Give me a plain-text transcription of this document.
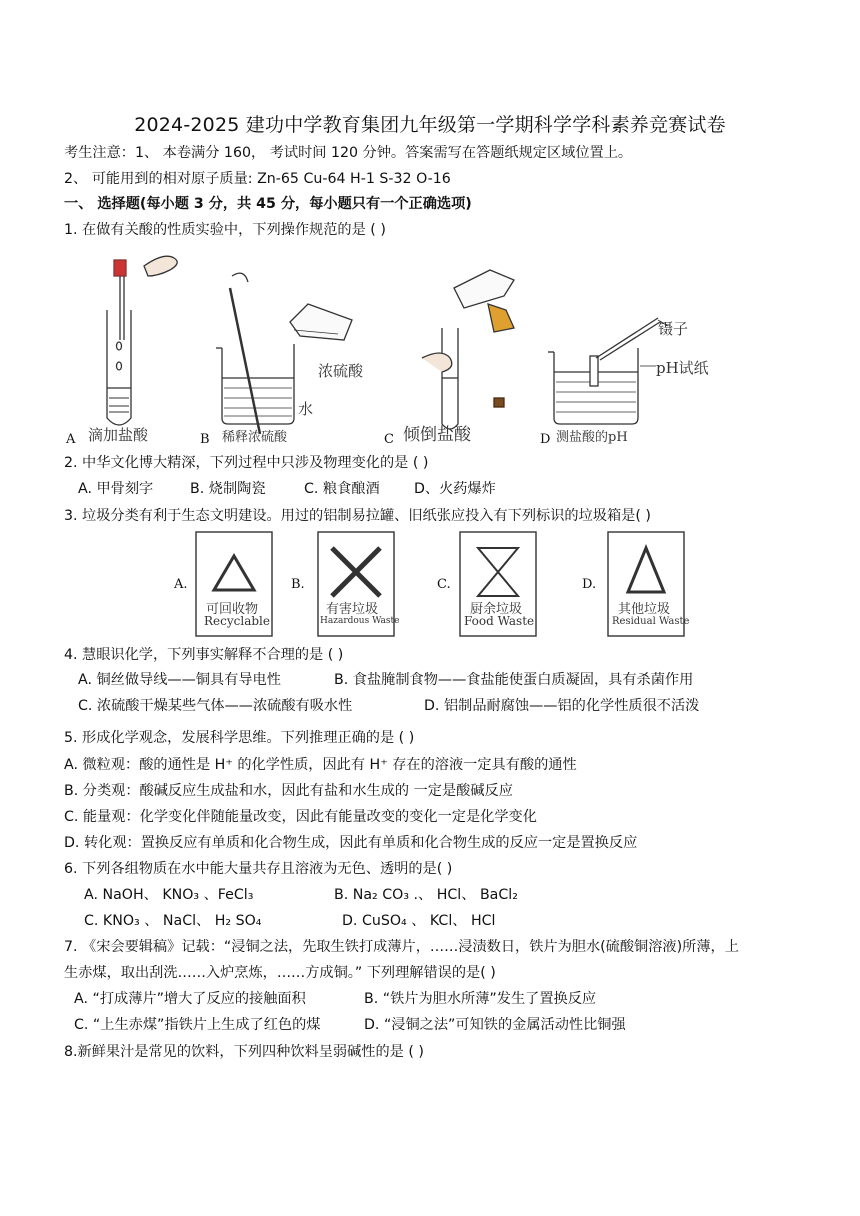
2024-2025 建功中学教育集团九年级第一学期科学学科素养竞赛试卷
考生注意：1、 本卷满分 160， 考试时间 120 分钟。答案需写在答题纸规定区域位置上。
2、 可能用到的相对原子质量: Zn-65 Cu-64 H-1 S-32 O-16
一、 选择题(每小题 3 分，共 45 分，每小题只有一个正确选项)
1. 在做有关酸的性质实验中，下列操作规范的是 ( )
A 滴加盐酸	B 稀释浓硫酸
浓硫酸
水
C 倾倒盐酸	D 测盐酸的pH
镊子
pH试纸
2. 中华文化博大精深，下列过程中只涉及物理变化的是 ( )
A. 甲骨刻字	B. 烧制陶瓷	C. 粮食酿酒 D、火药爆炸
3. 垃圾分类有利于生态文明建设。用过的铝制易拉罐、旧纸张应投入有下列标识的垃圾箱是( )
A.
可回收物
Recyclable
B.
有害垃圾
Hazardous Waste
C.
厨余垃圾
Food Waste
D.
其他垃圾
Residual Waste
4. 慧眼识化学，下列事实解释不合理的是 ( )
A. 铜丝做导线——铜具有导电性	B. 食盐腌制食物——食盐能使蛋白质凝固，具有杀菌作用
C. 浓硫酸干燥某些气体——浓硫酸有吸水性	D. 铝制品耐腐蚀——铝的化学性质很不活泼
5. 形成化学观念，发展科学思维。下列推理正确的是 ( )
A. 微粒观：酸的通性是 H⁺ 的化学性质，因此有 H⁺ 存在的溶液一定具有酸的通性
B. 分类观：酸碱反应生成盐和水，因此有盐和水生成的 一定是酸碱反应
C. 能量观：化学变化伴随能量改变，因此有能量改变的变化一定是化学变化
D. 转化观：置换反应有单质和化合物生成，因此有单质和化合物生成的反应一定是置换反应
6. 下列各组物质在水中能大量共存且溶液为无色、透明的是( )
A. NaOH、 KNO₃ 、FeCl₃	B. Na₂ CO₃ .、 HCl、 BaCl₂
C. KNO₃ 、 NaCl、 H₂ SO₄	D. CuSO₄ 、 KCl、 HCl
7. 《宋会要辑稿》记载：“浸铜之法，先取生铁打成薄片，……浸渍数日，铁片为胆水(硫酸铜溶液)所薄，上
生赤煤，取出刮洗……入炉烹炼，……方成铜。” 下列理解错误的是( )
A. “打成薄片”增大了反应的接触面积	B. “铁片为胆水所薄”发生了置换反应
C. “上生赤煤”指铁片上生成了红色的煤	D. “浸铜之法”可知铁的金属活动性比铜强
8.新鲜果汁是常见的饮料，下列四种饮料呈弱碱性的是 ( )
